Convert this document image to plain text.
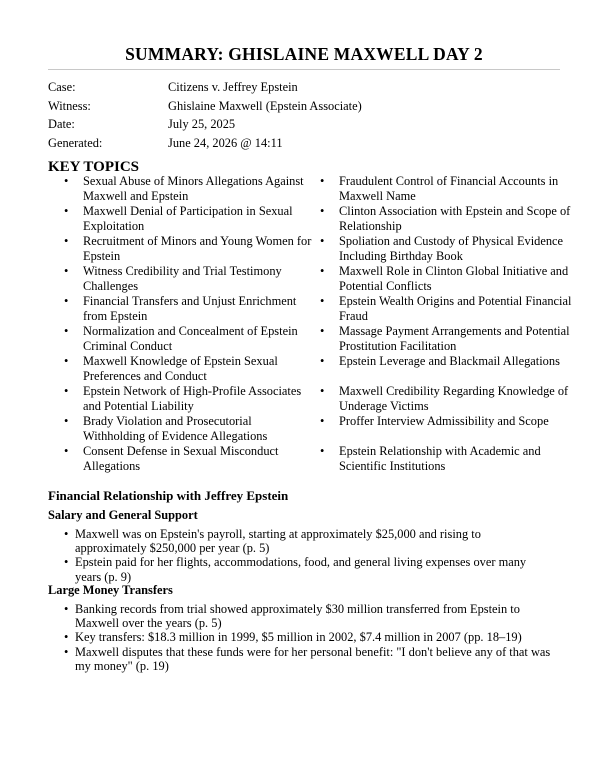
SUMMARY: GHISLAINE MAXWELL DAY 2
Case:	Citizens v. Jeffrey Epstein
Witness:	Ghislaine Maxwell (Epstein Associate)
Date:	July 25, 2025
Generated:	June 24, 2026 @ 14:11
KEY TOPICS
•	Sexual Abuse of Minors Allegations Against Maxwell and Epstein
•	Maxwell Denial of Participation in Sexual Exploitation
•	Recruitment of Minors and Young Women for Epstein
•	Witness Credibility and Trial Testimony Challenges
•	Financial Transfers and Unjust Enrichment from Epstein
•	Normalization and Concealment of Epstein Criminal Conduct
•	Maxwell Knowledge of Epstein Sexual Preferences and Conduct
•	Epstein Network of High-Profile Associates and Potential Liability
•	Brady Violation and Prosecutorial Withholding of Evidence Allegations
•	Consent Defense in Sexual Misconduct Allegations
•	Fraudulent Control of Financial Accounts in Maxwell Name
•	Clinton Association with Epstein and Scope of Relationship
•	Spoliation and Custody of Physical Evidence Including Birthday Book
•	Maxwell Role in Clinton Global Initiative and Potential Conflicts
•	Epstein Wealth Origins and Potential Financial Fraud
•	Massage Payment Arrangements and Potential Prostitution Facilitation
•	Epstein Leverage and Blackmail Allegations
•	Maxwell Credibility Regarding Knowledge of Underage Victims
•	Proffer Interview Admissibility and Scope
•	Epstein Relationship with Academic and Scientific Institutions
Financial Relationship with Jeffrey Epstein
Salary and General Support
• Maxwell was on Epstein's payroll, starting at approximately $25,000 and rising to approximately $250,000 per year (p. 5)
• Epstein paid for her flights, accommodations, food, and general living expenses over many years (p. 9)
Large Money Transfers
• Banking records from trial showed approximately $30 million transferred from Epstein to Maxwell over the years (p. 5)
• Key transfers: $18.3 million in 1999, $5 million in 2002, $7.4 million in 2007 (pp. 18–19)
• Maxwell disputes that these funds were for her personal benefit: "I don't believe any of that was my money" (p. 19)
